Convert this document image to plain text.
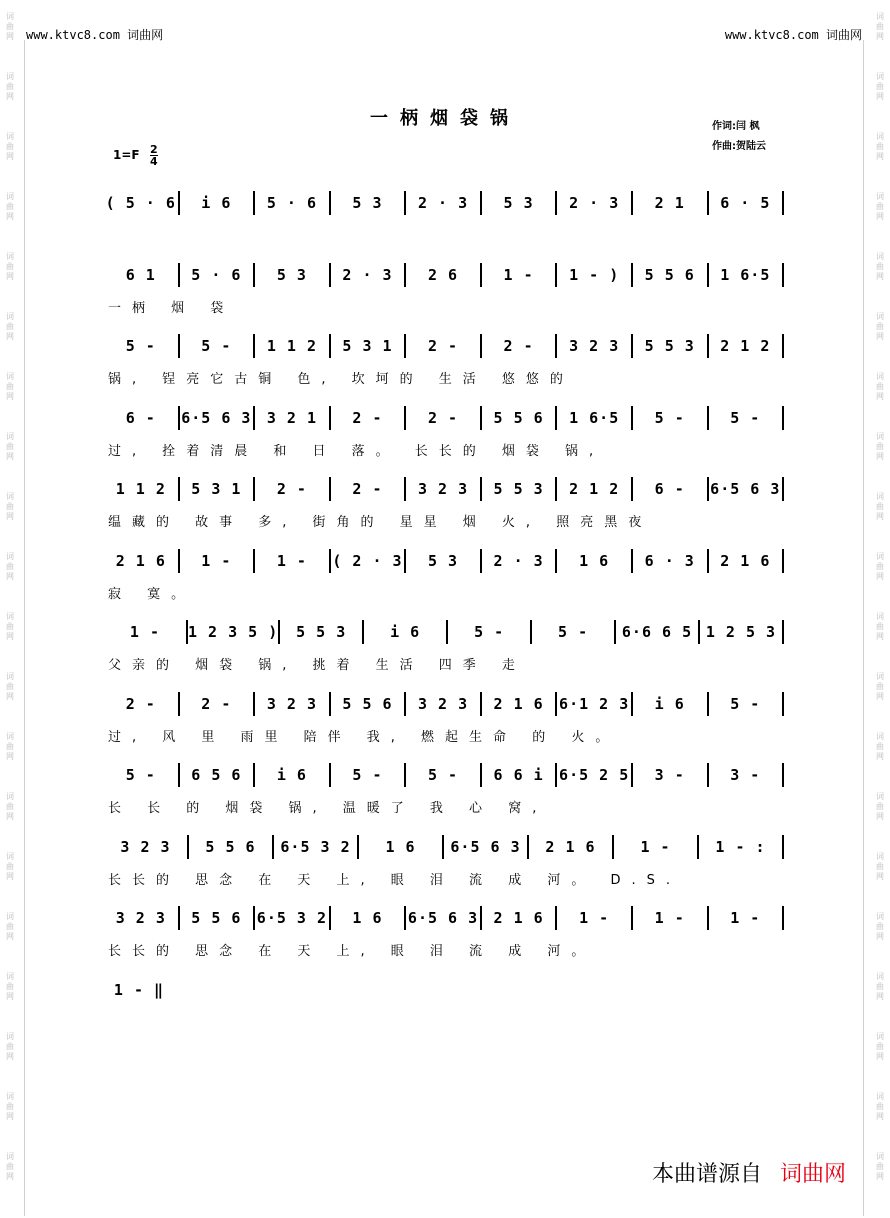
词
曲
网
词
曲
网
词
曲
网
词
曲
网
词
曲
网
词
曲
网
词
曲
网
词
曲
网
词
曲
网
词
曲
网
词
曲
网
词
曲
网
词
曲
网
词
曲
网
词
曲
网
词
曲
网
词
曲
网
词
曲
网
词
曲
网
词
曲
网
词
曲
网
词
曲
网
词
曲
网
词
曲
网
词
曲
网
词
曲
网
词
曲
网
词
曲
网
词
曲
网
词
曲
网
词
曲
网
词
曲
网
词
曲
网
词
曲
网
词
曲
网
词
曲
网
词
曲
网
词
曲
网
词
曲
网
词
曲
网
www.ktvc8.com 词曲网	www.ktvc8.com 词曲网
一柄烟袋锅	作词:闫 枫
作曲:贺陆云
1=F 2
4
( 5 · 6	i 6	5 · 6	5 3	2 · 3	5 3	2 · 3	2 1	6 · 5
6 1	5 · 6	5 3	2 · 3	2 6	1 -	1 - )	5 5 6	1 6·5
一柄 烟 袋
5 -	5 -	1 1 2	5 3 1	2 -	2 -	3 2 3	5 5 3	2 1 2
锅, 锃亮它古铜 色, 坎坷的 生活 悠悠的
6 -	6·5 6 3	3 2 1	2 -	2 -	5 5 6	1 6·5	5 -	5 -
过, 拴着清晨 和 日 落。 长长的 烟袋 锅,
1 1 2	5 3 1	2 -	2 -	3 2 3	5 5 3	2 1 2	6 -	6·5 6 3
缊藏的 故事 多, 街角的 星星 烟 火, 照亮黑夜
2 1 6	1 -	1 -	( 2 · 3	5 3	2 · 3	1 6	6 · 3	2 1 6
寂 寞。
1 -	1 2 3 5 )	5 5 3	i 6	5 -	5 -	6·6 6 5 1 2 5 3
父亲的 烟袋 锅, 挑着 生活 四季 走
2 -	2 -	3 2 3	5 5 6	3 2 3	2 1 6	6·1 2 3	i 6	5 -
过, 风 里 雨里 陪伴 我, 燃起生命 的 火。
5 -	6 5 6	i 6	5 -	5 -	6 6 i	6·5 2 5	3 -	3 -
长 长 的 烟袋 锅, 温暖了 我 心 窝,
3 2 3	5 5 6	6·5 3 2	1 6	6·5 6 3	2 1 6	1 -	1 - :
长长的 思念 在 天 上, 眼 泪 流 成 河。 D.S.
3 2 3	5 5 6	6·5 3 2	1 6	6·5 6 3	2 1 6	1 -	1 -	1 -
长长的 思念 在 天 上, 眼 泪 流 成 河。
1 - ‖
本曲谱源自 词曲网
